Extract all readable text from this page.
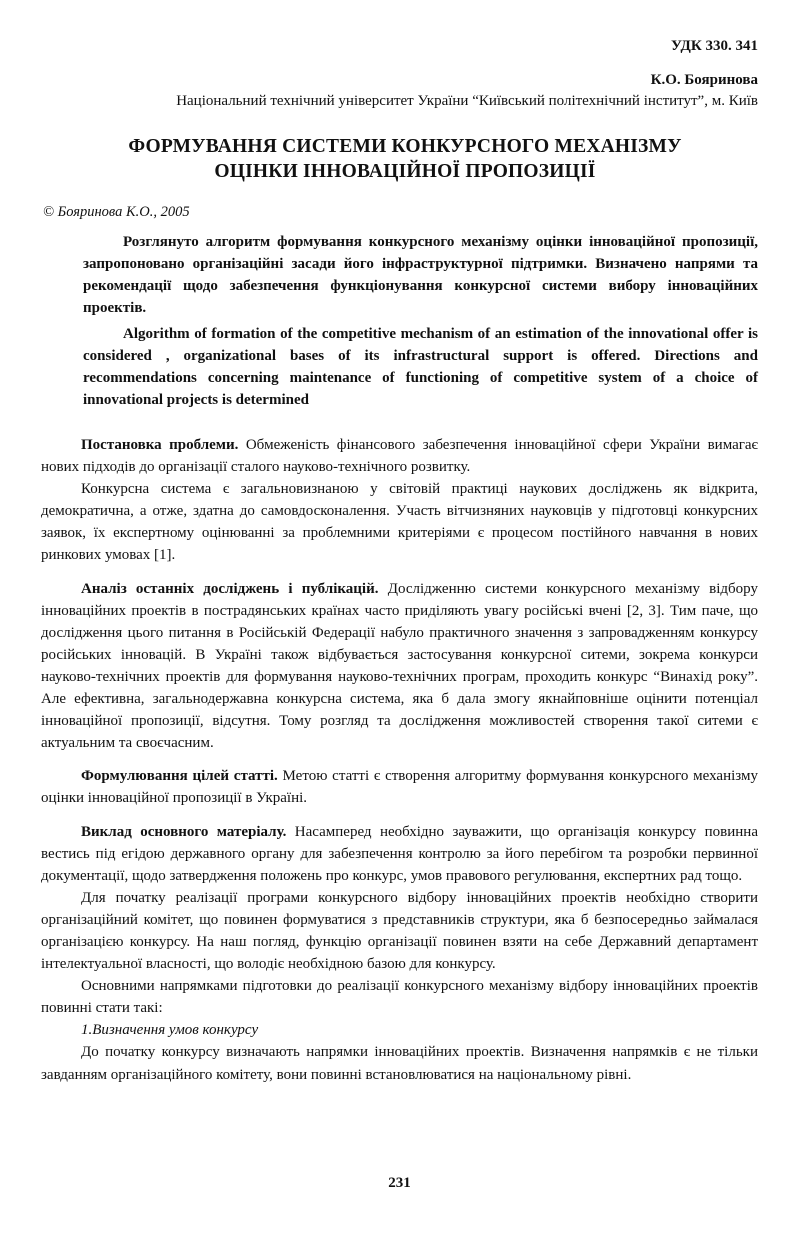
УДК 330. 341
К.О. Бояринова
Національний технічний університет України “Київський політехнічний інститут”, м. Київ
ФОРМУВАННЯ СИСТЕМИ КОНКУРСНОГО МЕХАНІЗМУ
ОЦІНКИ ІННОВАЦІЙНОЇ ПРОПОЗИЦІЇ
© Бояринова К.О., 2005

Розглянуто алгоритм формування конкурсного механізму оцінки інноваційної пропозиції, запропоновано організаційні засади його інфраструктурної підтримки. Визначено напрями та рекомендації щодо забезпечення функціонування конкурсної системи вибору інноваційних проектів.

Algorithm of formation of the competitive mechanism of an estimation of the innovational offer is considered , organizational bases of its infrastructural support is offered. Directions and recommendations concerning maintenance of functioning of competitive system of a choice of innovational projects is determined

Постановка проблеми. Обмеженість фінансового забезпечення інноваційної сфери України вимагає нових підходів до організації сталого науково-технічного розвитку.

Конкурсна система є загальновизнаною у світовій практиці наукових досліджень як відкрита, демократична, а отже, здатна до самовдосконалення. Участь вітчизняних науковців у підготовці конкурсних заявок, їх експертному оцінюванні за проблемними критеріями є процесом постійного навчання в нових ринкових умовах [1].

Аналіз останніх досліджень і публікацій. Дослідженню системи конкурсного механізму відбору інноваційних проектів в пострадянських країнах часто приділяють увагу російські вчені [2, 3]. Тим паче, що дослідження цього питання в Російській Федерації набуло практичного значення з запровадженням конкурсу російських інновацій. В Україні також відбувається застосування конкурсної ситеми, зокрема конкурси науково-технічних проектів для формування науково-технічних програм, проходить конкурс “Винахід року”. Але ефективна, загальнодержавна конкурсна система, яка б дала змогу якнайповніше оцінити потенціал інноваційної пропозиції, відсутня. Тому розгляд та дослідження можливостей створення такої ситеми є актуальним та своєчасним.

Формулювання цілей статті. Метою статті є створення алгоритму формування конкурсного механізму оцінки інноваційної пропозиції в Україні.

Виклад основного матеріалу. Насамперед необхідно зауважити, що організація конкурсу повинна вестись під егідою державного органу для забезпечення контролю за його перебігом та розробки первинної документації, щодо затвердження положень про конкурс, умов правового регулювання, експертних рад тощо.

Для початку реалізації програми конкурсного відбору інноваційних проектів необхідно створити організаційний комітет, що повинен формуватися з представників структури, яка б безпосередньо займалася організацією конкурсу. На наш погляд, функцію організації повинен взяти на себе Державний департамент інтелектуальної власності, що володіє необхідною базою для конкурсу.

Основними напрямками підготовки до реалізації конкурсного механізму відбору інноваційних проектів повинні стати такі:

1.Визначення умов конкурсу

До початку конкурсу визначають напрямки інноваційних проектів. Визначення напрямків є не тільки завданням організаційного комітету, вони повинні встановлюватися на національному рівні.

231
